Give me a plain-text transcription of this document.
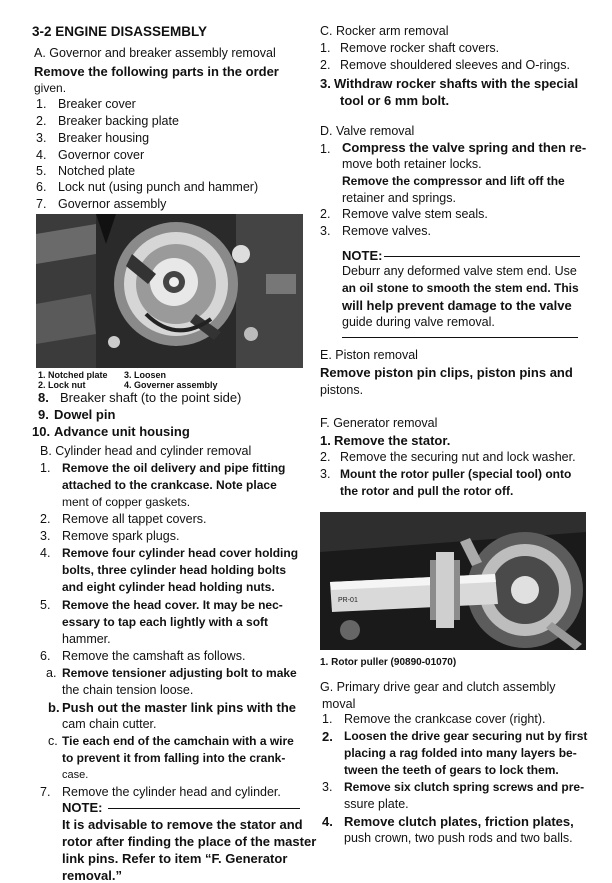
3-2 ENGINE DISASSEMBLY
A. Governor and breaker assembly removal
Remove the following parts in the order
given.
1. Breaker cover
2. Breaker backing plate
3. Breaker housing
4. Governor cover
5. Notched plate
6. Lock nut (using punch and hammer)
7. Governor assembly
1. Notched plate 3. Loosen
2. Lock nut	4. Governer assembly
8. Breaker shaft (to the point side)
9. Dowel pin
10. Advance unit housing
B. Cylinder head and cylinder removal
1. Remove the oil delivery and pipe fitting
attached to the crankcase. Note place
ment of copper gaskets.
2. Remove all tappet covers.
3. Remove spark plugs.
4. Remove four cylinder head cover holding
bolts, three cylinder head holding bolts
and eight cylinder head holding nuts.
5. Remove the head cover. It may be nec-
essary to tap each lightly with a soft
hammer.
6. Remove the camshaft as follows.
a. Remove tensioner adjusting bolt to make
the chain tension loose.
b. Push out the master link pins with the
cam chain cutter.
c. Tie each end of the camchain with a wire
to prevent it from falling into the crank-
case.
7. Remove the cylinder head and cylinder.
NOTE:
It is advisable to remove the stator and
rotor after finding the place of the master
link pins. Refer to item “F. Generator
removal.”
C. Rocker arm removal
1. Remove rocker shaft covers.
2. Remove shouldered sleeves and O-rings.
3. Withdraw rocker shafts with the special
tool or 6 mm bolt.
D. Valve removal
1. Compress the valve spring and then re-
move both retainer locks.
Remove the compressor and lift off the
retainer and springs.
2. Remove valve stem seals.
3. Remove valves.
NOTE:
Deburr any deformed valve stem end. Use
an oil stone to smooth the stem end. This
will help prevent damage to the valve
guide during valve removal.
E. Piston removal
Remove piston pin clips, piston pins and
pistons.
F. Generator removal
1. Remove the stator.
2. Remove the securing nut and lock washer.
3. Mount the rotor puller (special tool) onto
the rotor and pull the rotor off.
PR-01
1. Rotor puller (90890-01070)
G. Primary drive gear and clutch assembly
moval
1. Remove the crankcase cover (right).
2. Loosen the drive gear securing nut by first
placing a rag folded into many layers be-
tween the teeth of gears to lock them.
3. Remove six clutch spring screws and pre-
ssure plate.
4. Remove clutch plates, friction plates,
push crown, two push rods and two balls.
